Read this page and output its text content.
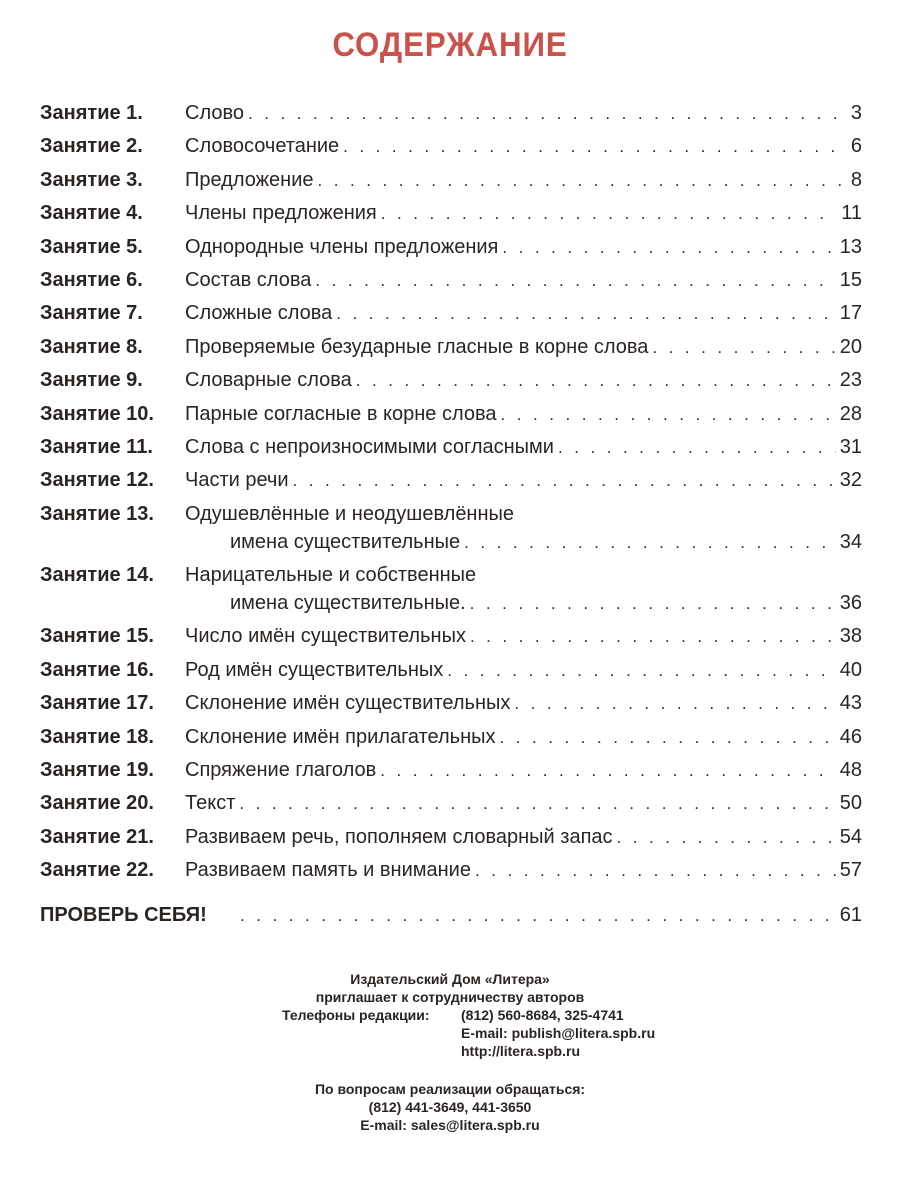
СОДЕРЖАНИЕ
Занятие 1. Слово . . .	3
Занятие 2. Словосочетание . . .	6
Занятие 3. Предложение . . .	8
Занятие 4. Члены предложения . . .	11
Занятие 5. Однородные члены предложения . . .	13
Занятие 6. Состав слова . . .	15
Занятие 7. Сложные слова . . .	17
Занятие 8. Проверяемые безударные гласные в корне слова . . .	20
Занятие 9. Словарные слова . . .	23
Занятие 10. Парные согласные в корне слова . . .	28
Занятие 11. Слова с непроизносимыми согласными . . .	31
Занятие 12. Части речи . . .	32
Занятие 13. Одушевлённые и неодушевлённые
имена существительные . . .	34
Занятие 14. Нарицательные и собственные
имена существительные. . . .	36
Занятие 15. Число имён существительных . . .	38
Занятие 16. Род имён существительных . . .	40
Занятие 17. Склонение имён существительных . . .	43
Занятие 18. Склонение имён прилагательных . . .	46
Занятие 19. Спряжение глаголов . . .	48
Занятие 20. Текст . . .	50
Занятие 21. Развиваем речь, пополняем словарный запас . . .	54
Занятие 22. Развиваем память и внимание . . .	57
ПРОВЕРЬ СЕБЯ! . . .	61
Издательский Дом «Литера»
приглашает к сотрудничеству авторов
Телефоны редакции: (812) 560-8684, 325-4741
E-mail: publish@litera.spb.ru
http://litera.spb.ru
По вопросам реализации обращаться:
(812) 441-3649, 441-3650
E-mail: sales@litera.spb.ru
